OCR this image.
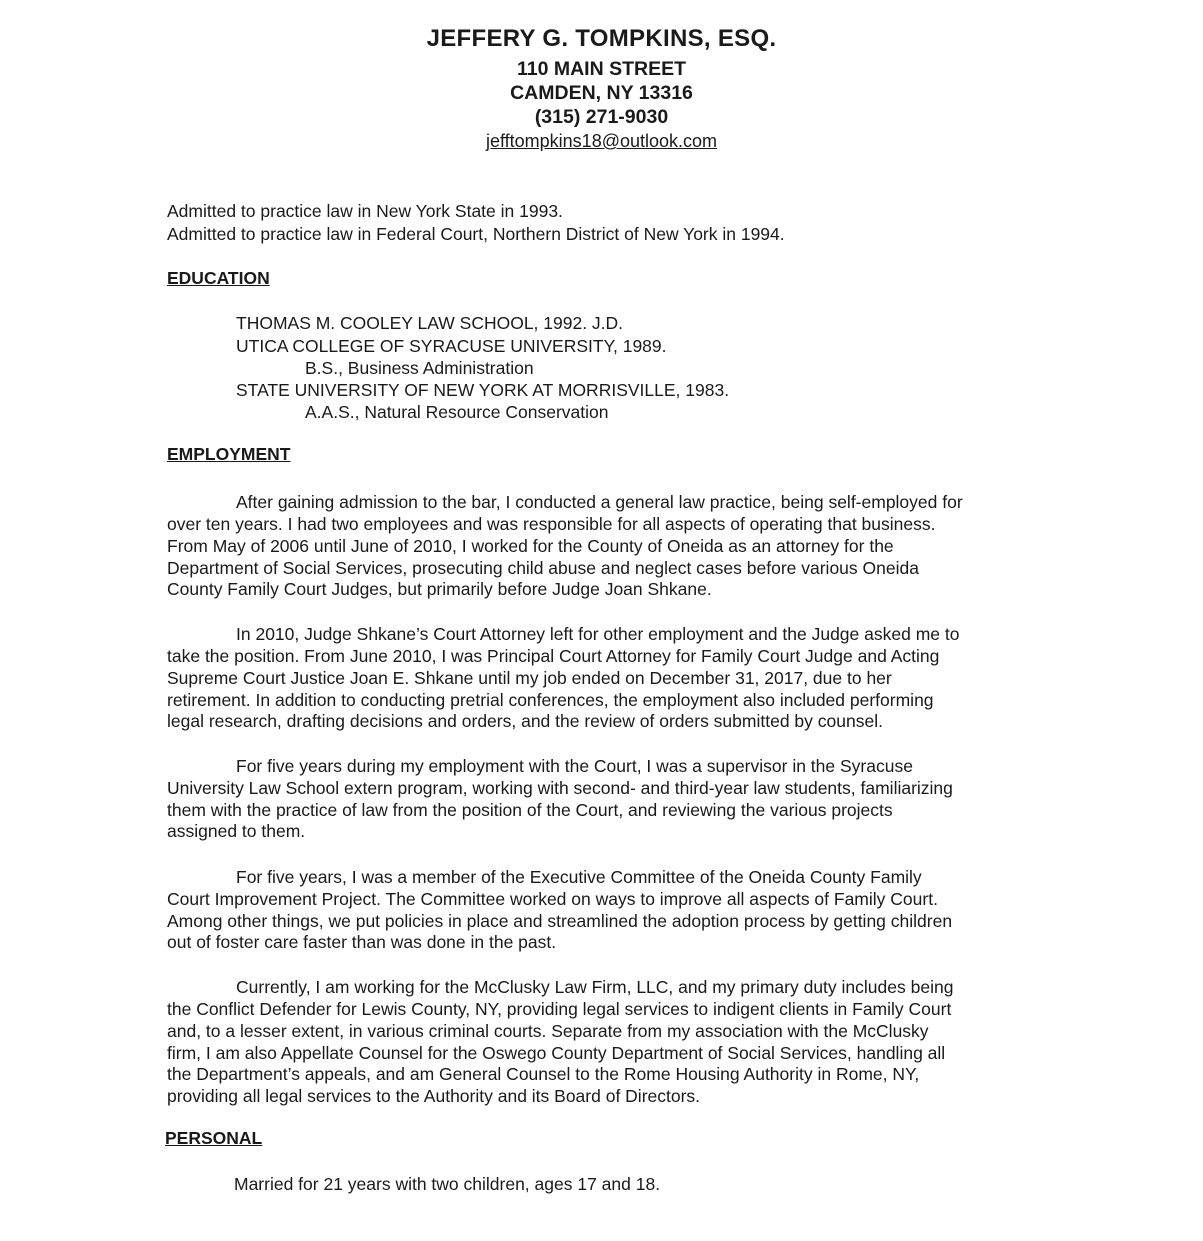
JEFFERY G. TOMPKINS, ESQ.
110 MAIN STREET
CAMDEN, NY 13316
(315) 271-9030
jefftompkins18@outlook.com
Admitted to practice law in New York State in 1993.
Admitted to practice law in Federal Court, Northern District of New York in 1994.
EDUCATION
THOMAS M. COOLEY LAW SCHOOL, 1992. J.D.
UTICA COLLEGE OF SYRACUSE UNIVERSITY, 1989.
B.S., Business Administration
STATE UNIVERSITY OF NEW YORK AT MORRISVILLE, 1983.
A.A.S., Natural Resource Conservation
EMPLOYMENT
After gaining admission to the bar, I conducted a general law practice, being self-employed for
over ten years. I had two employees and was responsible for all aspects of operating that business.
From May of 2006 until June of 2010, I worked for the County of Oneida as an attorney for the
Department of Social Services, prosecuting child abuse and neglect cases before various Oneida
County Family Court Judges, but primarily before Judge Joan Shkane.
In 2010, Judge Shkane’s Court Attorney left for other employment and the Judge asked me to
take the position. From June 2010, I was Principal Court Attorney for Family Court Judge and Acting
Supreme Court Justice Joan E. Shkane until my job ended on December 31, 2017, due to her
retirement. In addition to conducting pretrial conferences, the employment also included performing
legal research, drafting decisions and orders, and the review of orders submitted by counsel.
For five years during my employment with the Court, I was a supervisor in the Syracuse
University Law School extern program, working with second- and third-year law students, familiarizing
them with the practice of law from the position of the Court, and reviewing the various projects
assigned to them.
For five years, I was a member of the Executive Committee of the Oneida County Family
Court Improvement Project. The Committee worked on ways to improve all aspects of Family Court.
Among other things, we put policies in place and streamlined the adoption process by getting children
out of foster care faster than was done in the past.
Currently, I am working for the McClusky Law Firm, LLC, and my primary duty includes being
the Conflict Defender for Lewis County, NY, providing legal services to indigent clients in Family Court
and, to a lesser extent, in various criminal courts. Separate from my association with the McClusky
firm, I am also Appellate Counsel for the Oswego County Department of Social Services, handling all
the Department’s appeals, and am General Counsel to the Rome Housing Authority in Rome, NY,
providing all legal services to the Authority and its Board of Directors.
PERSONAL
Married for 21 years with two children, ages 17 and 18.
